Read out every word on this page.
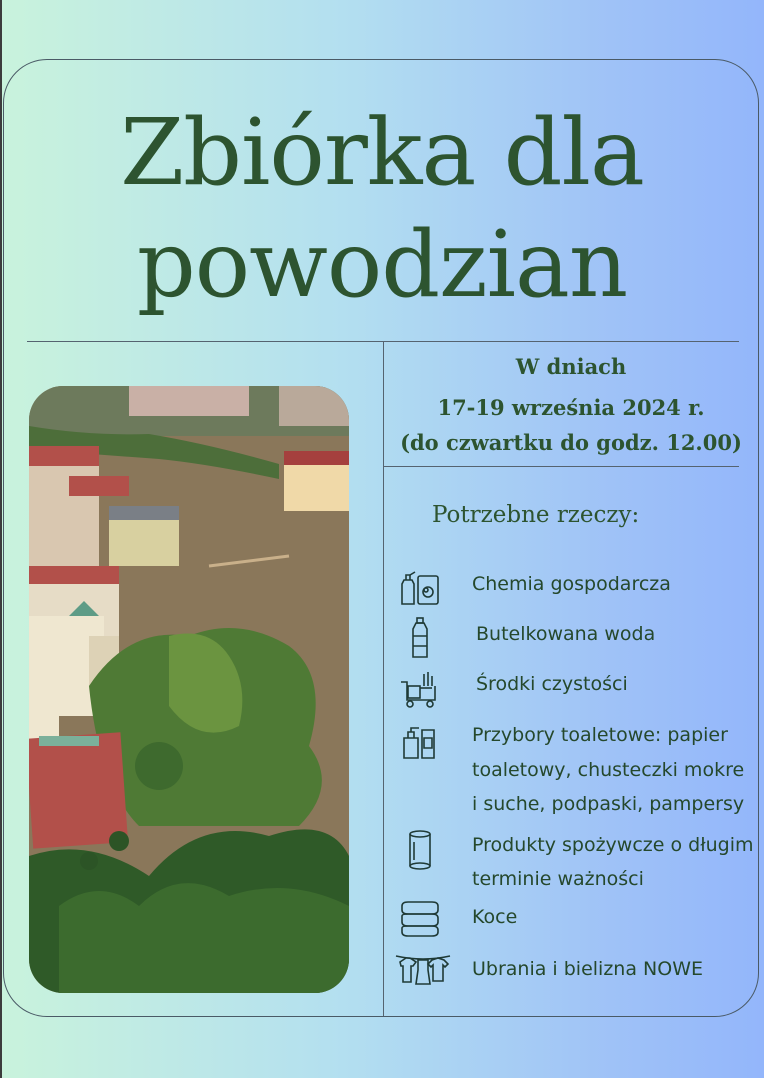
Zbiórka dla
powodzian
W dniach
17-19 września 2024 r.
(do czwartku do godz. 12.00)
Potrzebne rzeczy:
Chemia gospodarcza
Butelkowana woda
Środki czystości
Przybory toaletowe: papier
toaletowy, chusteczki mokre
i suche, podpaski, pampersy
Produkty spożywcze o długim
terminie ważności
Koce
Ubrania i bielizna NOWE
